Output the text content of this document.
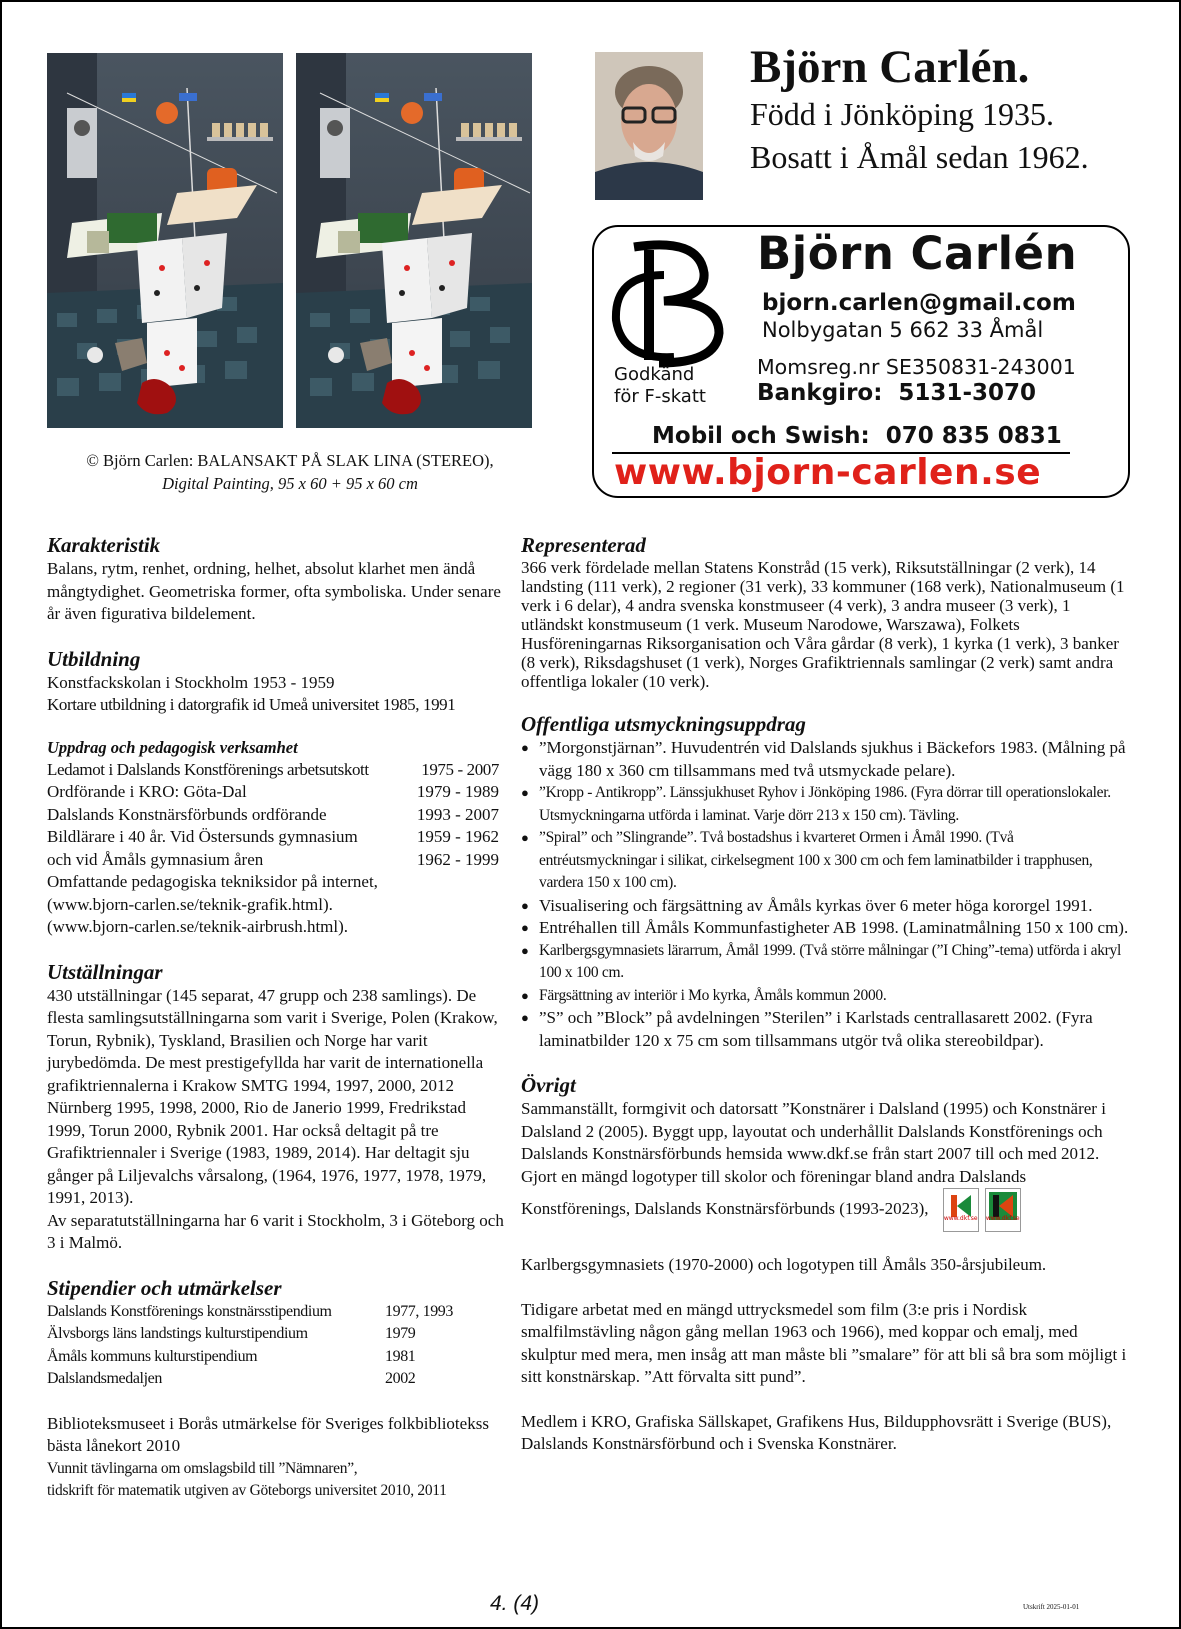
© Björn Carlen: BALANSAKT PÅ SLAK LINA (STEREO),
Digital Painting, 95 x 60 + 95 x 60 cm
Björn Carlén.
Född i Jönköping 1935.
Bosatt i Åmål sedan 1962.
Godkänd
för F-skatt
Björn Carlén
bjorn.carlen@gmail.com
Nolbygatan 5 662 33 Åmål
Momsreg.nr SE350831-243001
Bankgiro:  5131-3070
Mobil och Swish:  070 835 0831
www.bjorn-carlen.se
Karakteristik

Balans, rytm, renhet, ordning, helhet, absolut klarhet men ändå mångtydighet. Geometriska former, ofta symboliska. Under senare år även figurativa bildelement.

Utbildning

Konstfackskolan i Stockholm 1953 - 1959

Kortare utbildning i datorgrafik id Umeå universitet 1985, 1991

Uppdrag och pedagogisk verksamhet
Ledamot i Dalslands Konstförenings arbetsutskott	1975 - 2007
Ordförande i KRO: Göta-Dal	1979 - 1989
Dalslands Konstnärsförbunds ordförande	1993 - 2007
Bildlärare i 40 år. Vid Östersunds gymnasium	1959 - 1962
och vid Åmåls gymnasium åren	1962 - 1999

Omfattande pedagogiska tekniksidor på internet,

(www.bjorn-carlen.se/teknik-grafik.html).

(www.bjorn-carlen.se/teknik-airbrush.html).

Utställningar

430 utställningar (145 separat, 47 grupp och 238 samlings). De flesta samlingsutställningarna som varit i Sverige, Polen (Krakow, Torun, Rybnik), Tyskland, Brasilien och Norge har varit jurybedömda. De mest prestigefyllda har varit de internationella grafiktriennalerna i Krakow SMTG 1994, 1997, 2000, 2012 Nürnberg 1995, 1998, 2000, Rio de Janerio 1999, Fredrikstad 1999, Torun 2000, Rybnik 2001. Har också deltagit på tre Grafiktriennaler i Sverige (1983, 1989, 2014). Har deltagit sju gånger på Liljevalchs vårsalong, (1964, 1976, 1977, 1978, 1979, 1991, 2013).

Av separatutställningarna har 6 varit i Stockholm, 3 i Göteborg och 3 i Malmö.

Stipendier och utmärkelser
Dalslands Konstförenings konstnärsstipendium	1977, 1993
Älvsborgs läns landstings kulturstipendium	1979
Åmåls kommuns kulturstipendium	1981
Dalslandsmedaljen	2002

Biblioteksmuseet i Borås utmärkelse för Sveriges folkbibliotekss bästa lånekort 2010

Vunnit tävlingarna om omslagsbild till ”Nämnaren”,

tidskrift för matematik utgiven av Göteborgs universitet 2010, 2011

Representerad

366 verk fördelade mellan Statens Konstråd (15 verk), Riksutställningar (2 verk), 14 landsting (111 verk), 2 regioner (31 verk), 33 kommuner (168 verk), Nationalmuseum (1 verk i 6 delar), 4 andra svenska konstmuseer (4 verk), 3 andra museer (3 verk), 1 utländskt konstmuseum (1 verk. Museum Narodowe, Warszawa), Folkets Husföreningarnas Riksorganisation och Våra gårdar (8 verk), 1 kyrka (1 verk), 3 banker (8 verk), Riksdagshuset (1 verk), Norges Grafiktriennals samlingar (2 verk) samt andra offentliga lokaler (10 verk).

Offentliga utsmyckningsuppdrag
● ”Morgonstjärnan”. Huvudentrén vid Dalslands sjukhus i Bäckefors 1983. (Målning på vägg 180 x 360 cm tillsammans med två utsmyckade pelare).
● ”Kropp - Antikropp”. Länssjukhuset Ryhov i Jönköping 1986. (Fyra dörrar till operationslokaler. Utsmyckningarna utförda i laminat. Varje dörr 213 x 150 cm). Tävling.
● ”Spiral” och ”Slingrande”. Två bostadshus i kvarteret Ormen i Åmål 1990. (Två entréutsmyckningar i silikat, cirkelsegment 100 x 300 cm och fem laminatbilder i trapphusen, vardera 150 x 100 cm).
● Visualisering och färgsättning av Åmåls kyrkas över 6 meter höga kororgel 1991.
● Entréhallen till Åmåls Kommunfastigheter AB 1998. (Laminatmålning 150 x 100 cm).
● Karlbergsgymnasiets lärarrum, Åmål 1999. (Två större målningar (”I Ching”-tema) utförda i akryl 100 x 100 cm.
● Färgsättning av interiör i Mo kyrka, Åmåls kommun 2000.
● ”S” och ”Block” på avdelningen ”Sterilen” i Karlstads centrallasarett 2002. (Fyra laminatbilder 120 x 75 cm som tillsammans utgör två olika stereobildpar).
Övrigt

Sammanställt, formgivit och datorsatt ”Konstnärer i Dalsland (1995) och Konstnärer i Dalsland 2 (2005). Byggt upp, layoutat och underhållit Dalslands Konstförenings och Dalslands Konstnärsförbunds hemsida www.dkf.se från start 2007 till och med 2012.

Gjort en mängd logotyper till skolor och föreningar bland andra Dalslands Konstförenings, Dalslands Konstnärsförbunds (1993-2023),
www.dkf.se www.dkf.se

Karlbergsgymnasiets (1970-2000) och logotypen till Åmåls 350-årsjubileum.

Tidigare arbetat med en mängd uttrycksmedel som film (3:e pris i Nordisk smalfilmstävling någon gång mellan 1963 och 1966), med koppar och emalj, med skulptur med mera, men insåg att man måste bli ”smalare” för att bli så bra som möjligt i sitt konstnärskap. ”Att förvalta sitt pund”.

Medlem i KRO, Grafiska Sällskapet, Grafikens Hus, Bildupphovsrätt i Sverige (BUS), Dalslands Konstnärsförbund och i Svenska Konstnärer.

4. (4)	Utskrift 2025-01-01
